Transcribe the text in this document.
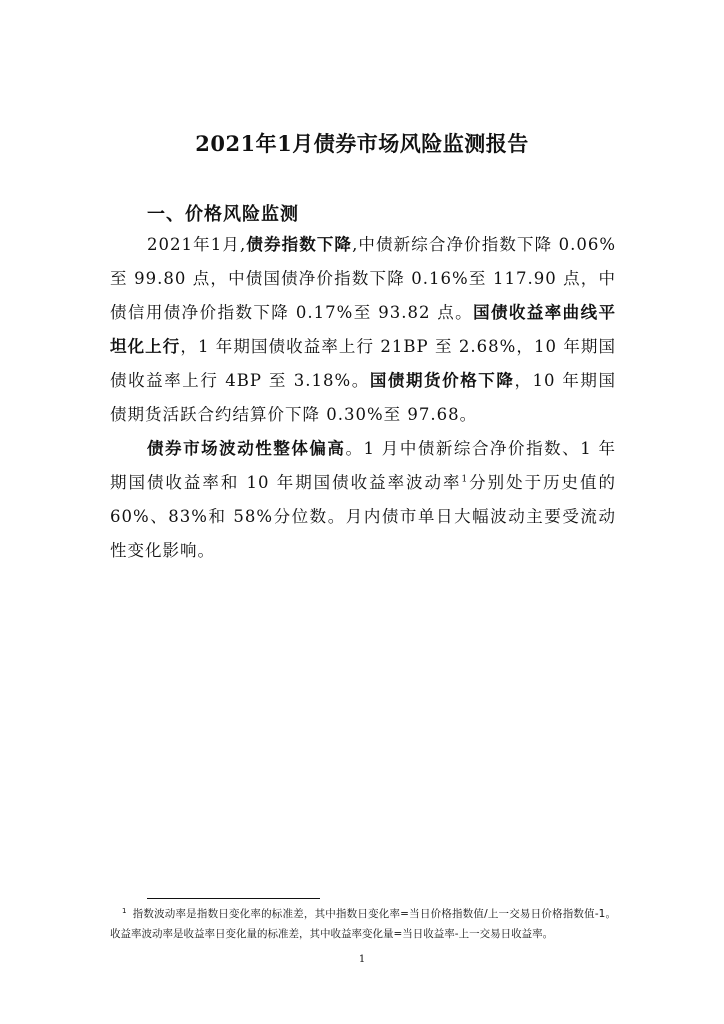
2021年1月债券市场风险监测报告
一、价格风险监测

2021年1月,债券指数下降,中债新综合净价指数下降 0.06%至 99.80 点，中债国债净价指数下降 0.16%至 117.90 点，中债信用债净价指数下降 0.17%至 93.82 点。国债收益率曲线平坦化上行，1 年期国债收益率上行 21BP 至 2.68%，10 年期国债收益率上行 4BP 至 3.18%。国债期货价格下降，10 年期国债期货活跃合约结算价下降 0.30%至 97.68。

债券市场波动性整体偏高。1 月中债新综合净价指数、1 年期国债收益率和 10 年期国债收益率波动率$^1$分别处于历史值的 60%、83%和 58%分位数。月内债市单日大幅波动主要受流动性变化影响。

$^1$ 指数波动率是指数日变化率的标准差，其中指数日变化率=当日价格指数值/上一交易日价格指数值-1。收益率波动率是收益率日变化量的标准差，其中收益率变化量=当日收益率-上一交易日收益率。

1
